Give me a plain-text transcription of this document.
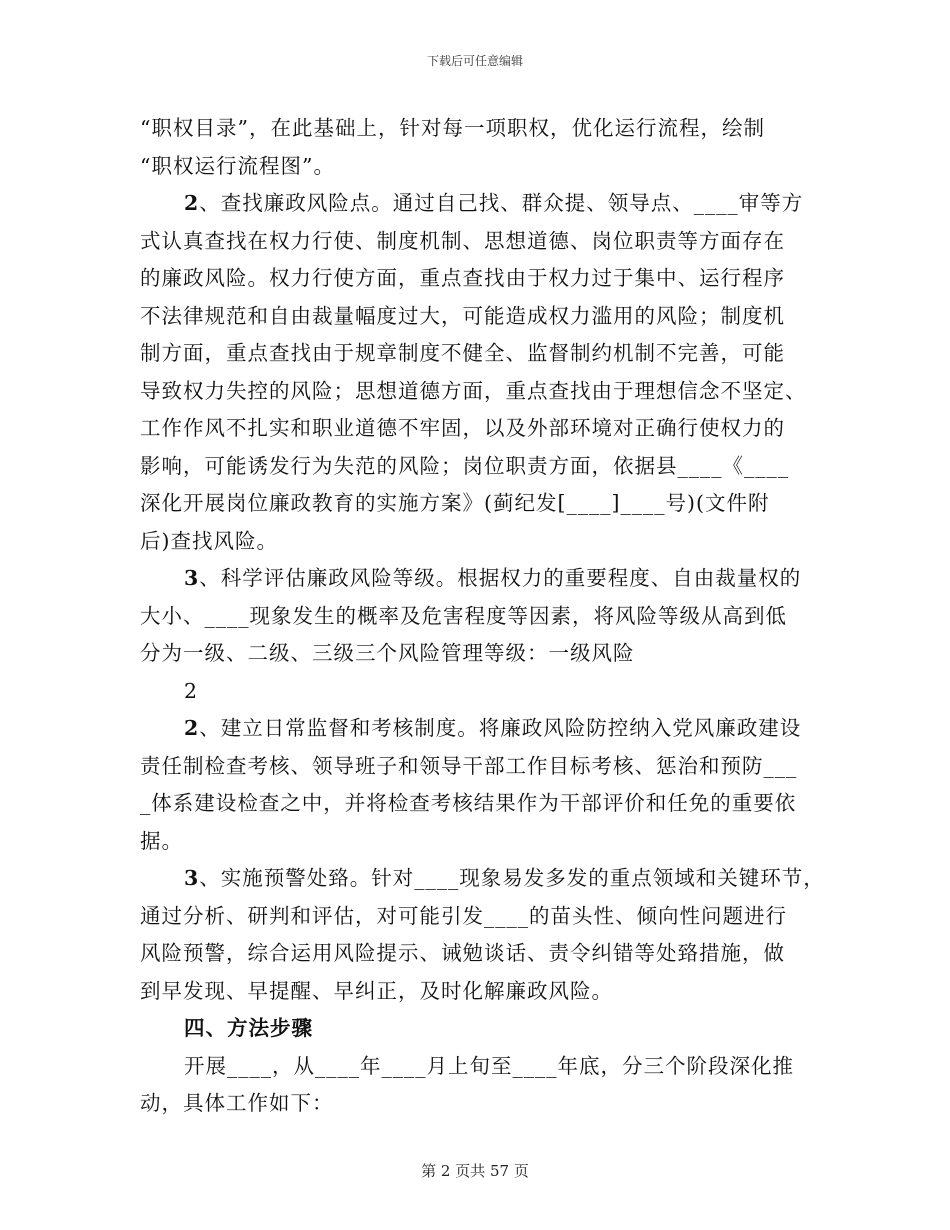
下载后可任意编辑

“职权目录”，在此基础上，针对每一项职权，优化运行流程，绘制

“职权运行流程图”。

2、查找廉政风险点。通过自己找、群众提、领导点、____审等方

式认真查找在权力行使、制度机制、思想道德、岗位职责等方面存在

的廉政风险。权力行使方面，重点查找由于权力过于集中、运行程序

不法律规范和自由裁量幅度过大，可能造成权力滥用的风险；制度机

制方面，重点查找由于规章制度不健全、监督制约机制不完善，可能

导致权力失控的风险；思想道德方面，重点查找由于理想信念不坚定、

工作作风不扎实和职业道德不牢固，以及外部环境对正确行使权力的

影响，可能诱发行为失范的风险；岗位职责方面，依据县____《____

深化开展岗位廉政教育的实施方案》(蓟纪发[____]____号)(文件附

后)查找风险。

3、科学评估廉政风险等级。根据权力的重要程度、自由裁量权的

大小、____现象发生的概率及危害程度等因素，将风险等级从高到低

分为一级、二级、三级三个风险管理等级：一级风险

2

2、建立日常监督和考核制度。将廉政风险防控纳入党风廉政建设

责任制检查考核、领导班子和领导干部工作目标考核、惩治和预防___

_体系建设检查之中，并将检查考核结果作为干部评价和任免的重要依

据。

3、实施预警处臵。针对____现象易发多发的重点领域和关键环节，

通过分析、研判和评估，对可能引发____的苗头性、倾向性问题进行

风险预警，综合运用风险提示、诫勉谈话、责令纠错等处臵措施，做

到早发现、早提醒、早纠正，及时化解廉政风险。

四、方法步骤

开展____，从____年____月上旬至____年底，分三个阶段深化推

动，具体工作如下：

第 2 页共 57 页
